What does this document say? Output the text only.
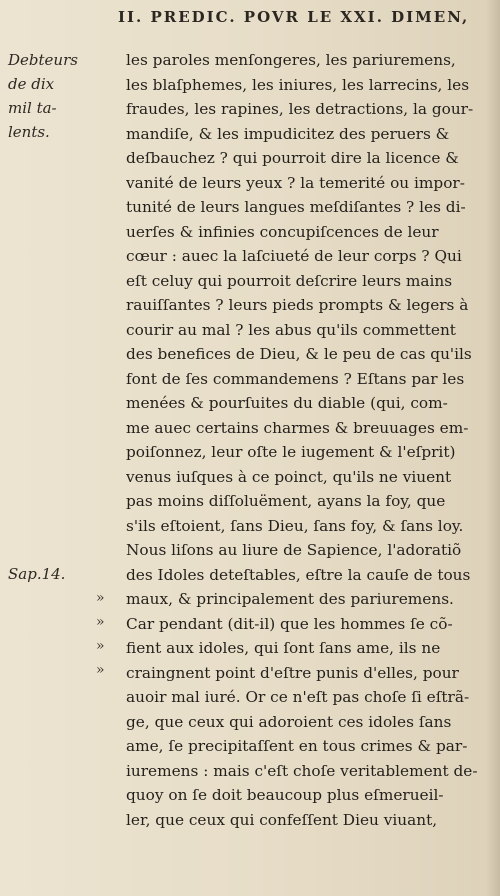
II. PREDIC. POVR LE XXI. DIMEN,
Debteurs
de dix
mil ta-
lents.
Sap.14.
»
»
»
»
les paroles menſongeres, les pariuremens,
les blaſphemes, les iniures, les larrecins, les
fraudes, les rapines, les detractions, la gour-
mandiſe, & les impudicitez des peruers &
deſbauchez ? qui pourroit dire la licence &
vanité de leurs yeux ? la temerité ou impor-
tunité de leurs langues meſdiſantes ? les di-
uerſes & infinies concupiſcences de leur
cœur : auec la laſciueté de leur corps ? Qui
eſt celuy qui pourroit deſcrire leurs mains
rauiſſantes ? leurs pieds prompts & legers à
courir au mal ? les abus qu'ils commettent
des benefices de Dieu, & le peu de cas qu'ils
font de ſes commandemens ? Eſtans par les
menées & pourſuites du diable (qui, com-
me auec certains charmes & breuuages em-
poiſonnez, leur oſte le iugement & l'eſprit)
venus iuſques à ce poinct, qu'ils ne viuent
pas moins diſſoluëment, ayans la foy, que
s'ils eſtoient, ſans Dieu, ſans foy, & ſans loy.
Nous liſons au liure de Sapience, l'adoratiõ
des Idoles deteſtables, eſtre la cauſe de tous
maux, & principalement des pariuremens.
Car pendant (dit-il) que les hommes ſe cõ-
fient aux idoles, qui ſont ſans ame, ils ne
craingnent point d'eſtre punis d'elles, pour
auoir mal iuré. Or ce n'eſt pas choſe ſi eſtrã-
ge, que ceux qui adoroient ces idoles ſans
ame, ſe precipitaſſent en tous crimes & par-
iuremens : mais c'eſt choſe veritablement de-
quoy on ſe doit beaucoup plus eſmerueil-
ler, que ceux qui confeſſent Dieu viuant,
